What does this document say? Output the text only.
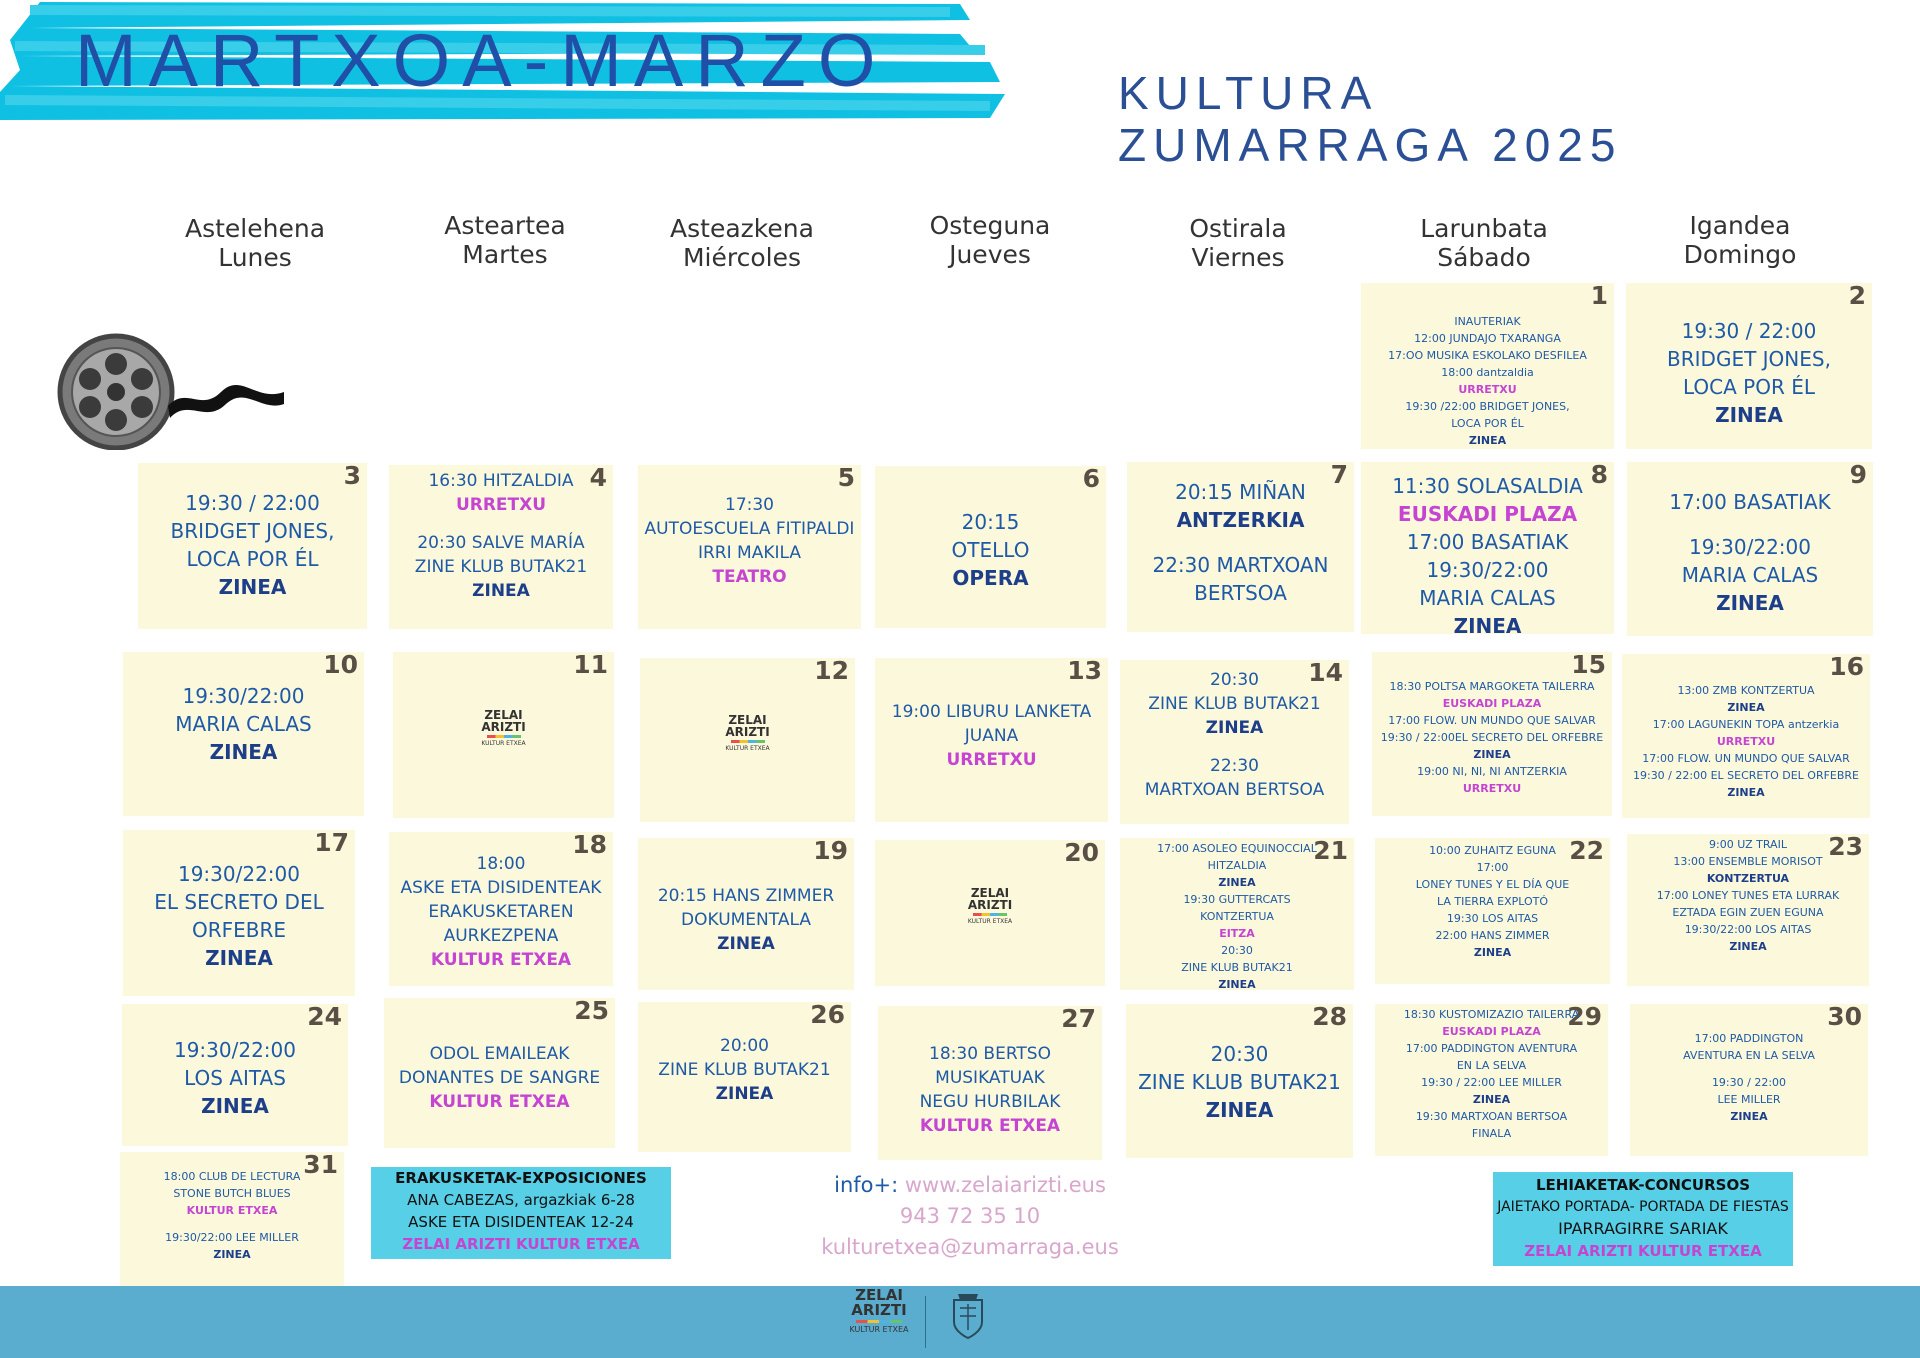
MARTXOA-MARZO	KULTURA
ZUMARRAGA 2025
Astelehena
Lunes
Asteartea
Martes
Asteazkena
Miércoles
Osteguna
Jueves
Ostirala
Viernes
Larunbata
Sábado
Igandea
Domingo
1
INAUTERIAK
12:00 JUNDAJO TXARANGA
17:OO MUSIKA ESKOLAKO DESFILEA
18:00 dantzaldia
URRETXU
19:30 /22:00 BRIDGET JONES,
LOCA POR ÉL
ZINEA
2
19:30 / 22:00
BRIDGET JONES,
LOCA POR ÉL
ZINEA
3
19:30 / 22:00
BRIDGET JONES,
LOCA POR ÉL
ZINEA
4
16:30 HITZALDIA
URRETXU
20:30 SALVE MARÍA
ZINE KLUB BUTAK21
ZINEA
5
17:30
AUTOESCUELA FITIPALDI
IRRI MAKILA
TEATRO
6
20:15
OTELLO
OPERA
7
20:15 MIÑAN
ANTZERKIA
22:30 MARTXOAN
BERTSOA
8
11:30 SOLASALDIA
EUSKADI PLAZA
17:00 BASATIAK
19:30/22:00
MARIA CALAS
ZINEA
9
17:00 BASATIAK
19:30/22:00
MARIA CALAS
ZINEA
10
19:30/22:00
MARIA CALAS
ZINEA
11
ZELAI
ARIZTI
KULTUR ETXEA
12
ZELAI
ARIZTI
KULTUR ETXEA
13
19:00 LIBURU LANKETA
JUANA
URRETXU
14
20:30
ZINE KLUB BUTAK21
ZINEA
22:30
MARTXOAN BERTSOA
15
18:30 POLTSA MARGOKETA TAILERRA
EUSKADI PLAZA
17:00 FLOW. UN MUNDO QUE SALVAR
19:30 / 22:00EL SECRETO DEL ORFEBRE
ZINEA
19:00 NI, NI, NI ANTZERKIA
URRETXU
16
13:00 ZMB KONTZERTUA
ZINEA
17:00 LAGUNEKIN TOPA antzerkia
URRETXU
17:00 FLOW. UN MUNDO QUE SALVAR
19:30 / 22:00 EL SECRETO DEL ORFEBRE
ZINEA
17
19:30/22:00
EL SECRETO DEL
ORFEBRE
ZINEA
18
18:00
ASKE ETA DISIDENTEAK
ERAKUSKETAREN
AURKEZPENA
KULTUR ETXEA
19
20:15 HANS ZIMMER
DOKUMENTALA
ZINEA
20
ZELAI
ARIZTI
KULTUR ETXEA
21
17:00 ASOLEO EQUINOCCIAL
HITZALDIA
ZINEA
19:30 GUTTERCATS
KONTZERTUA
EITZA
20:30
ZINE KLUB BUTAK21
ZINEA
22
10:00 ZUHAITZ EGUNA
17:00
LONEY TUNES Y EL DÍA QUE
LA TIERRA EXPLOTÓ
19:30 LOS AITAS
22:00 HANS ZIMMER
ZINEA
23
9:00 UZ TRAIL
13:00 ENSEMBLE MORISOT
KONTZERTUA
17:00 LONEY TUNES ETA LURRAK
EZTADA EGIN ZUEN EGUNA
19:30/22:00 LOS AITAS
ZINEA
24
19:30/22:00
LOS AITAS
ZINEA
25
ODOL EMAILEAK
DONANTES DE SANGRE
KULTUR ETXEA
26
20:00
ZINE KLUB BUTAK21
ZINEA
27
18:30 BERTSO MUSIKATUAK
NEGU HURBILAK
KULTUR ETXEA
28
20:30
ZINE KLUB BUTAK21
ZINEA
29
18:30 KUSTOMIZAZIO TAILERRA
EUSKADI PLAZA
17:00 PADDINGTON AVENTURA
EN LA SELVA
19:30 / 22:00 LEE MILLER
ZINEA
19:30 MARTXOAN BERTSOA
FINALA
30
17:00 PADDINGTON
AVENTURA EN LA SELVA
19:30 / 22:00
LEE MILLER
ZINEA
31
18:00 CLUB DE LECTURA
STONE BUTCH BLUES
KULTUR ETXEA
19:30/22:00 LEE MILLER
ZINEA
ERAKUSKETAK-EXPOSICIONES
ANA CABEZAS, argazkiak 6-28
ASKE ETA DISIDENTEAK 12-24
ZELAI ARIZTI KULTUR ETXEA
LEHIAKETAK-CONCURSOS
JAIETAKO PORTADA- PORTADA DE FIESTAS
IPARRAGIRRE SARIAK
ZELAI ARIZTI KULTUR ETXEA
info+: www.zelaiarizti.eus
943 72 35 10
kulturetxea@zumarraga.eus
ZELAI
ARIZTI
KULTUR ETXEA
